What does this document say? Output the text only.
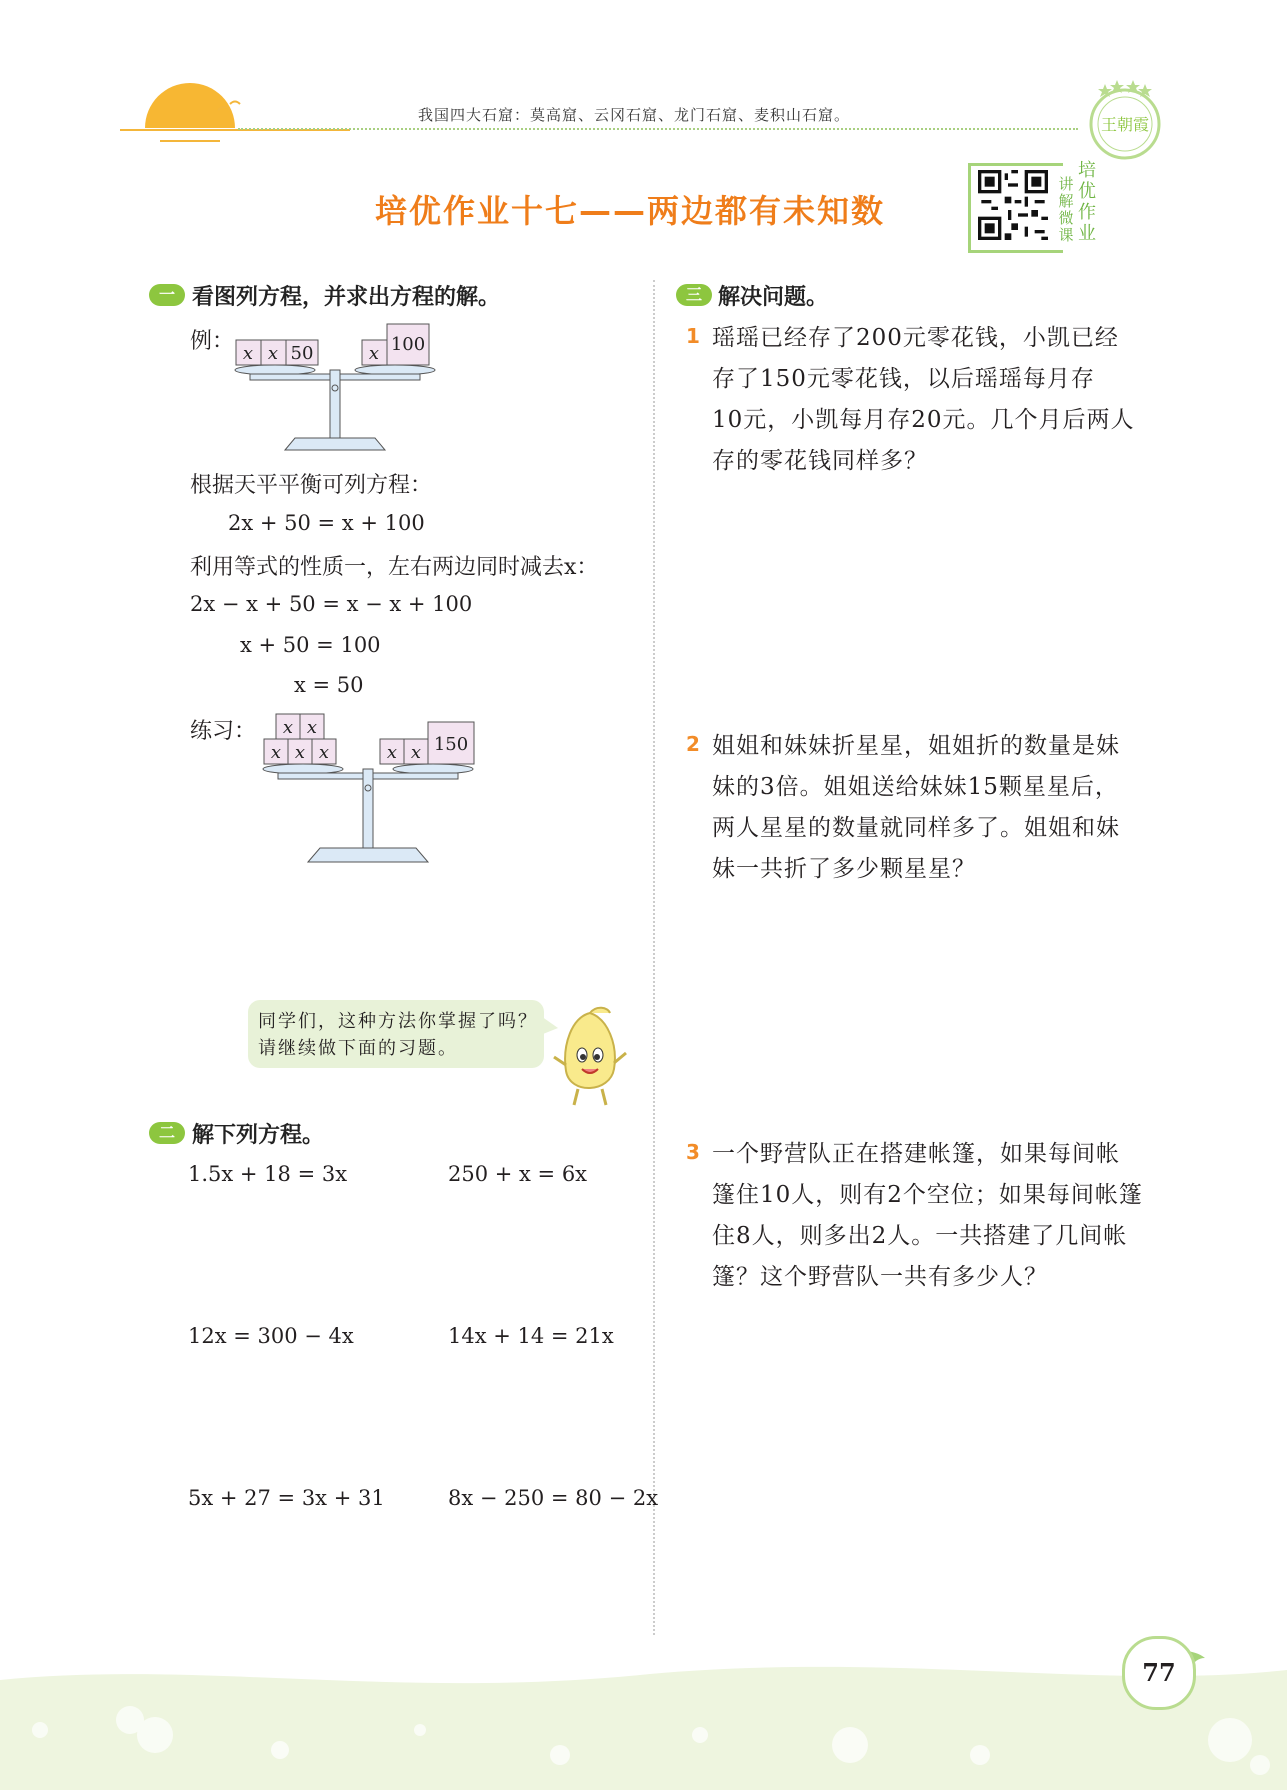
我国四大石窟：莫高窟、云冈石窟、龙门石窟、麦积山石窟。	王朝霞
培优作业十七——两边都有未知数
讲解微课
培优作业
一 看图列方程，并求出方程的解。
例： x x 50	x 100
根据天平平衡可列方程：
2x + 50 = x + 100
利用等式的性质一，左右两边同时减去x：
2x − x + 50 = x − x + 100
x + 50 = 100
x = 50
练习： x x
x x x	x x 150
同学们，这种方法你掌握了吗？请继续做下面的习题。
二 解下列方程。
1.5x + 18 = 3x	250 + x = 6x
12x = 300 − 4x	14x + 14 = 21x
5x + 27 = 3x + 31	8x − 250 = 80 − 2x
三 解决问题。
1 瑶瑶已经存了200元零花钱，小凯已经
存了150元零花钱，以后瑶瑶每月存
10元，小凯每月存20元。几个月后两人
存的零花钱同样多？
2 姐姐和妹妹折星星，姐姐折的数量是妹
妹的3倍。姐姐送给妹妹15颗星星后，
两人星星的数量就同样多了。姐姐和妹
妹一共折了多少颗星星？
3 一个野营队正在搭建帐篷，如果每间帐
篷住10人，则有2个空位；如果每间帐篷
住8人，则多出2人。一共搭建了几间帐
篷？这个野营队一共有多少人？
77
